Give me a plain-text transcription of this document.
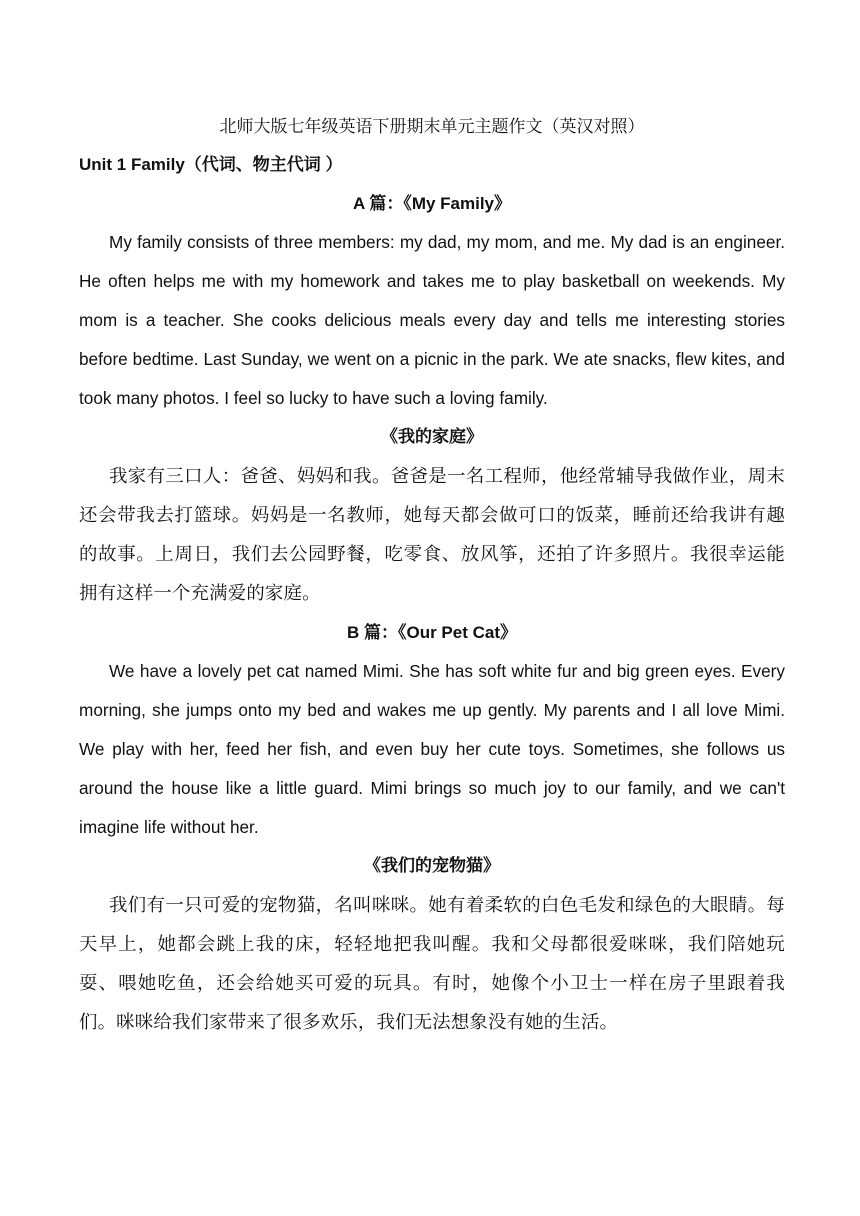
北师大版七年级英语下册期末单元主题作文（英汉对照）
Unit 1 Family（代词、物主代词 ）
A 篇：《My Family》

My family consists of three members: my dad, my mom, and me. My dad is an engineer. He often helps me with my homework and takes me to play basketball on weekends. My mom is a teacher. She cooks delicious meals every day and tells me interesting stories before bedtime. Last Sunday, we went on a picnic in the park. We ate snacks, flew kites, and took many photos. I feel so lucky to have such a loving family.

《我的家庭》

我家有三口人：爸爸、妈妈和我。爸爸是一名工程师，他经常辅导我做作业，周末还会带我去打篮球。妈妈是一名教师，她每天都会做可口的饭菜，睡前还给我讲有趣的故事。上周日，我们去公园野餐，吃零食、放风筝，还拍了许多照片。我很幸运能拥有这样一个充满爱的家庭。

B 篇：《Our Pet Cat》

We have a lovely pet cat named Mimi. She has soft white fur and big green eyes. Every morning, she jumps onto my bed and wakes me up gently. My parents and I all love Mimi. We play with her, feed her fish, and even buy her cute toys. Sometimes, she follows us around the house like a little guard. Mimi brings so much joy to our family, and we can't imagine life without her.

《我们的宠物猫》

我们有一只可爱的宠物猫，名叫咪咪。她有着柔软的白色毛发和绿色的大眼睛。每天早上，她都会跳上我的床，轻轻地把我叫醒。我和父母都很爱咪咪，我们陪她玩耍、喂她吃鱼，还会给她买可爱的玩具。有时，她像个小卫士一样在房子里跟着我们。咪咪给我们家带来了很多欢乐，我们无法想象没有她的生活。
